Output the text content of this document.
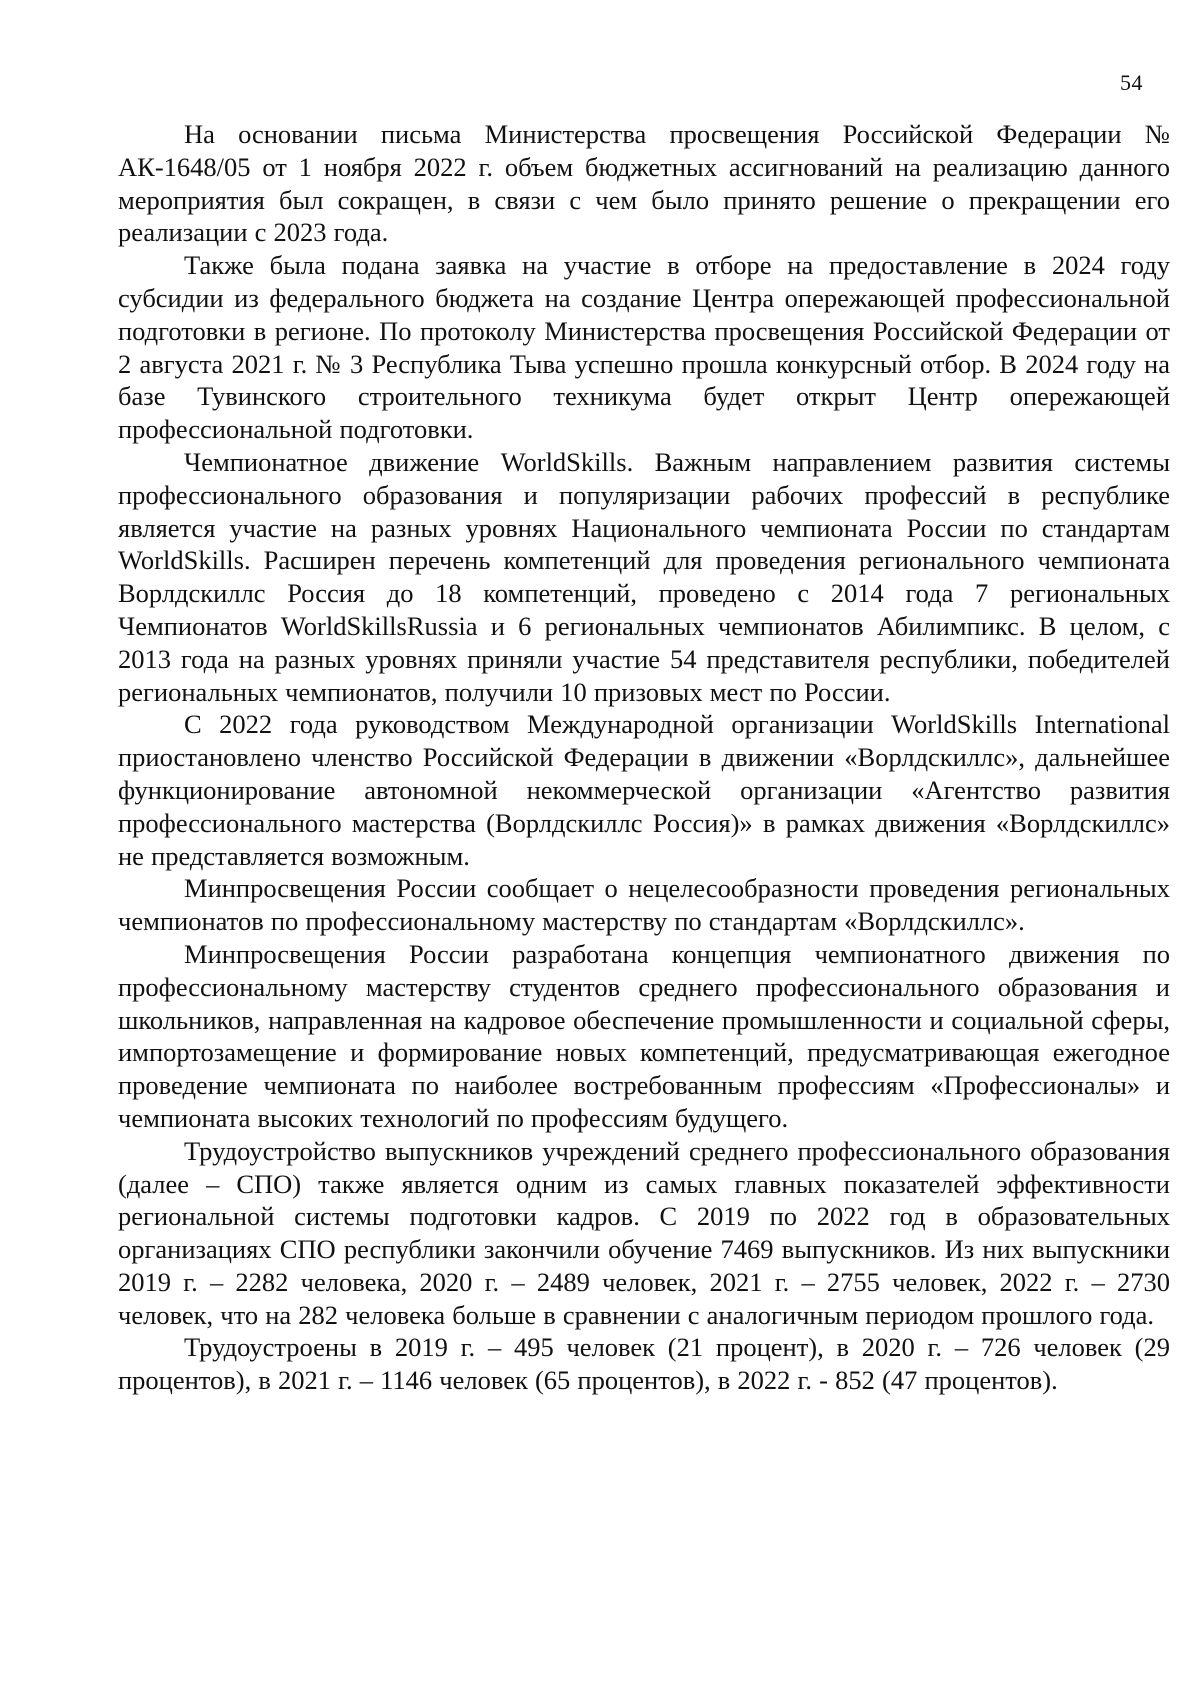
54

На основании письма Министерства просвещения Российской Федерации № АК-1648/05 от 1 ноября 2022 г. объем бюджетных ассигнований на реализацию данного мероприятия был сокращен, в связи с чем было принято решение о прекращении его реализации с 2023 года.

Также была подана заявка на участие в отборе на предоставление в 2024 году субсидии из федерального бюджета на создание Центра опережающей профессиональной подготовки в регионе. По протоколу Министерства просвещения Российской Федерации от 2 августа 2021 г. № 3 Республика Тыва успешно прошла конкурсный отбор. В 2024 году на базе Тувинского строительного техникума будет открыт Центр опережающей профессиональной подготовки.

Чемпионатное движение WorldSkills. Важным направлением развития системы профессионального образования и популяризации рабочих профессий в республике является участие на разных уровнях Национального чемпионата России по стандартам WorldSkills. Расширен перечень компетенций для проведения регионального чемпионата Ворлдскиллс Россия до 18 компетенций, проведено с 2014 года 7 региональных Чемпионатов WorldSkillsRussia и 6 региональных чемпионатов Абилимпикс. В целом, с 2013 года на разных уровнях приняли участие 54 представителя республики, победителей региональных чемпионатов, получили 10 призовых мест по России.

С 2022 года руководством Международной организации WorldSkills International приостановлено членство Российской Федерации в движении «Ворлдскиллс», дальнейшее функционирование автономной некоммерческой организации «Агентство развития профессионального мастерства (Ворлдскиллс Россия)» в рамках движения «Ворлдскиллс» не представляется возможным.

Минпросвещения России сообщает о нецелесообразности проведения региональных чемпионатов по профессиональному мастерству по стандартам «Ворлдскиллс».

Минпросвещения России разработана концепция чемпионатного движения по профессиональному мастерству студентов среднего профессионального образования и школьников, направленная на кадровое обеспечение промышленности и социальной сферы, импортозамещение и формирование новых компетенций, предусматривающая ежегодное проведение чемпионата по наиболее востребованным профессиям «Профессионалы» и чемпионата высоких технологий по профессиям будущего.

Трудоустройство выпускников учреждений среднего профессионального образования (далее – СПО) также является одним из самых главных показателей эффективности региональной системы подготовки кадров. С 2019 по 2022 год в образовательных организациях СПО республики закончили обучение 7469 выпускников. Из них выпускники 2019 г. – 2282 человека, 2020 г. – 2489 человек, 2021 г. – 2755 человек, 2022 г. – 2730 человек, что на 282 человека больше в сравнении с аналогичным периодом прошлого года.

Трудоустроены в 2019 г. – 495 человек (21 процент), в 2020 г. – 726 человек (29 процентов), в 2021 г. – 1146 человек (65 процентов), в 2022 г. - 852 (47 процентов).
